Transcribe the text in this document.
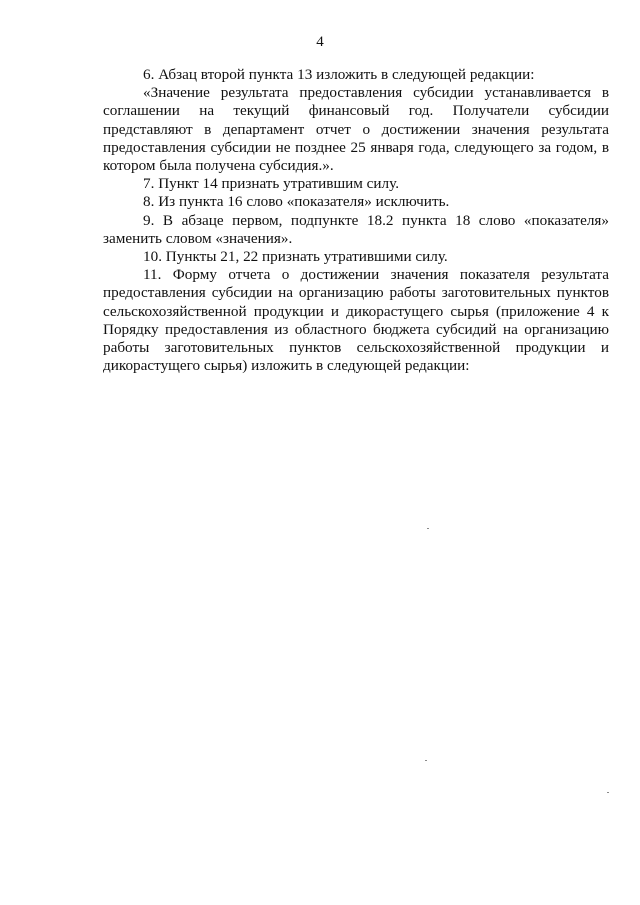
4

6. Абзац второй пункта 13 изложить в следующей редакции:

«Значение результата предоставления субсидии устанавливается в соглашении на текущий финансовый год. Получатели субсидии представляют в департамент отчет о достижении значения результата предоставления субсидии не позднее 25 января года, следующего за годом, в котором была получена субсидия.».

7. Пункт 14 признать утратившим силу.

8. Из пункта 16 слово «показателя» исключить.

9. В абзаце первом, подпункте 18.2 пункта 18 слово «показателя» заменить словом «значения».

10. Пункты 21, 22 признать утратившими силу.

11. Форму отчета о достижении значения показателя результата предоставления субсидии на организацию работы заготовительных пунктов сельскохозяйственной продукции и дикорастущего сырья (приложение 4 к Порядку предоставления из областного бюджета субсидий на организацию работы заготовительных пунктов сельскохозяйственной продукции и дикорастущего сырья) изложить в следующей редакции:
